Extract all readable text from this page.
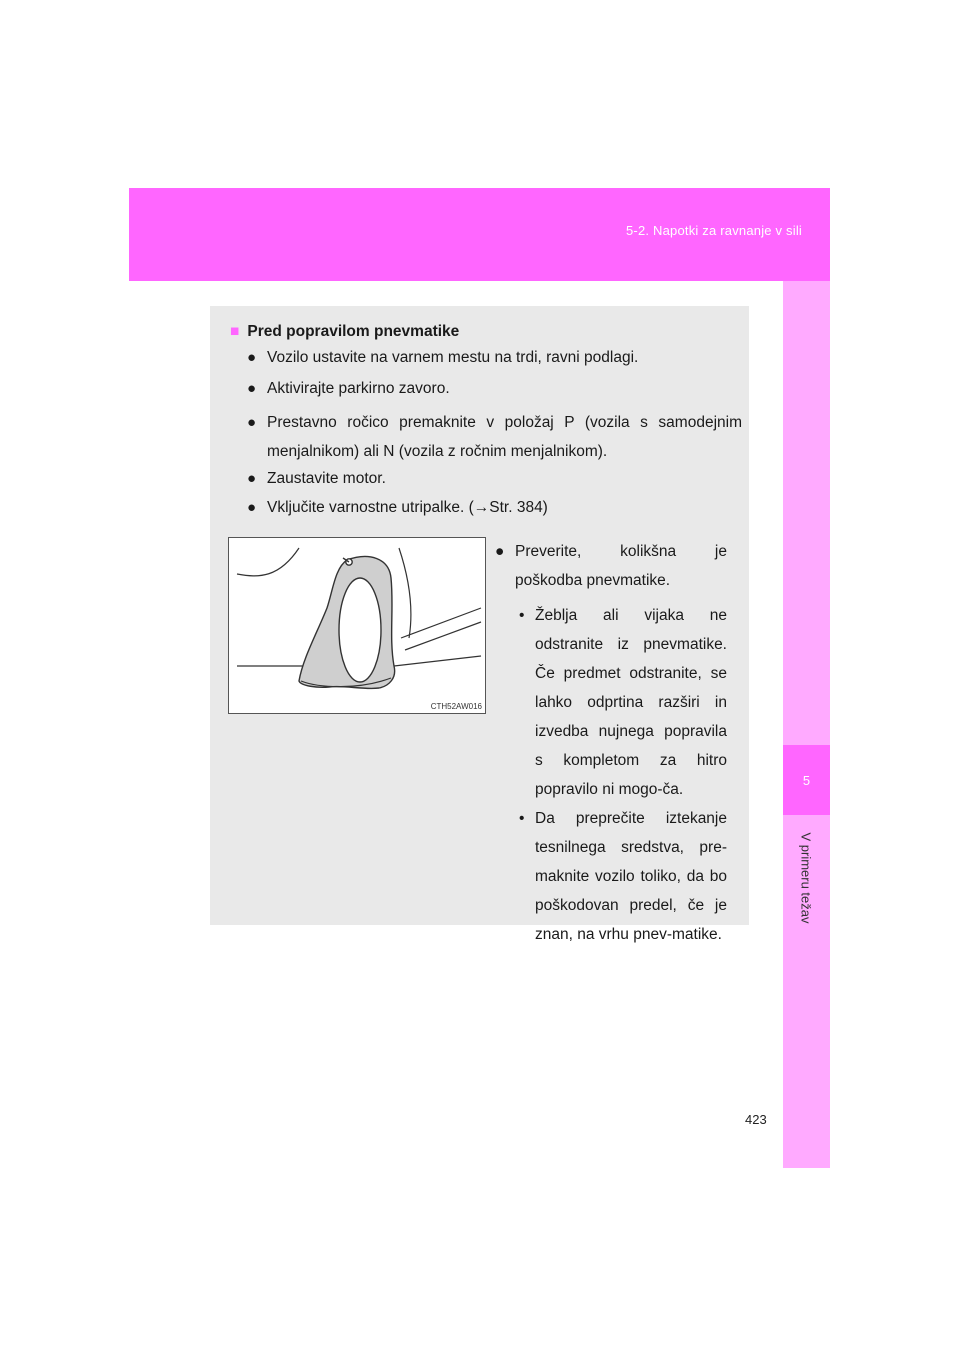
5-2. Napotki za ravnanje v sili
5
V primeru težav
■ Pred popravilom pnevmatike
● Vozilo ustavite na varnem mestu na trdi, ravni podlagi.
● Aktivirajte parkirno zavoro.
● Prestavno ročico premaknite v položaj P (vozila s samodejnim menjalnikom) ali N (vozila z ročnim menjalnikom).
● Zaustavite motor.
● Vključite varnostne utripalke. (→Str. 384)
CTH52AW016
● Preverite, kolikšna je poškodba pnevmatike.
• Žeblja ali vijaka ne odstranite iz pnevmatike. Če predmet odstranite, se lahko odprtina razširi in izvedba nujnega popravila s kompletom za hitro popravilo ni mogo-ča.
• Da preprečite iztekanje tesnilnega sredstva, pre-maknite vozilo toliko, da bo poškodovan predel, če je znan, na vrhu pnev-matike.
423
